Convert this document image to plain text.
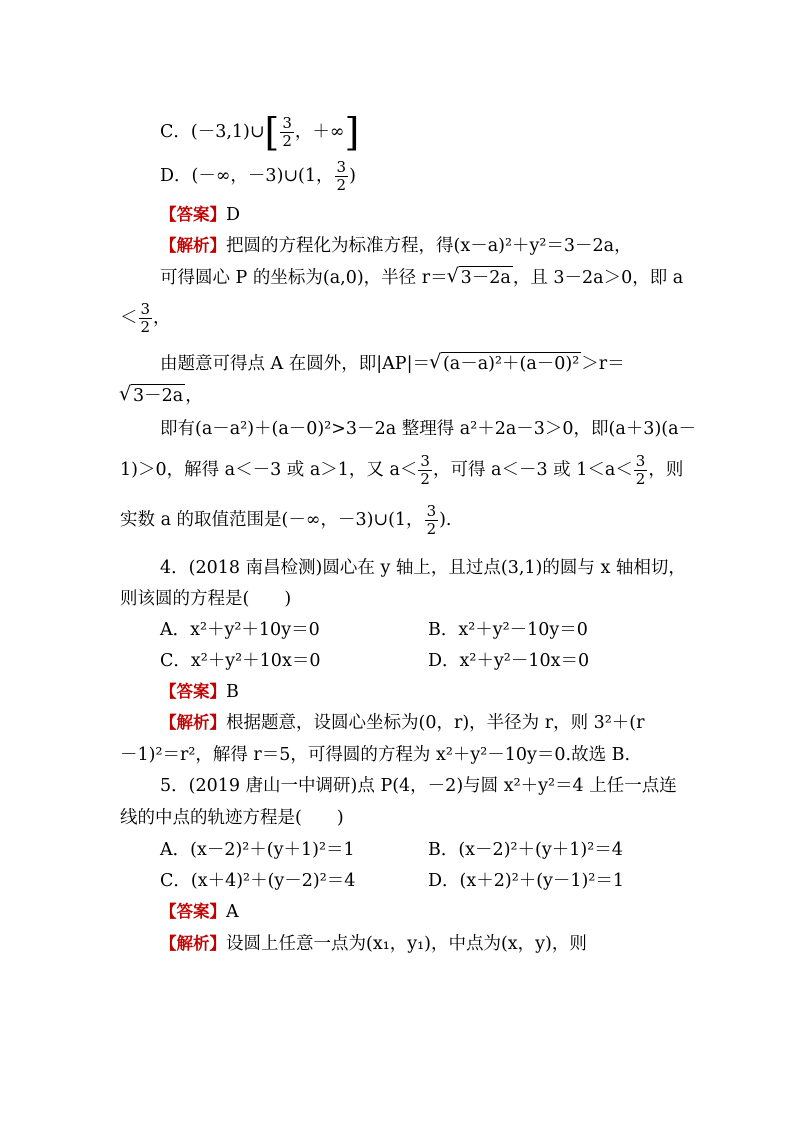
C．(－3,1)∪[ $\frac{3}{2}$ ，＋∞]
D．(－∞，－3)∪(1， $\frac{3}{2}$ )
【答案】D
【解析】把圆的方程化为标准方程，得(x－a)²＋y²＝3－2a，
可得圆心 P 的坐标为(a,0)，半径 r＝ √ 3－2a ，且 3－2a＞0，即 a
＜ $\frac{3}{2}$ ，
由题意可得点 A 在圆外，即|AP|＝ √ (a－a)²＋(a－0)² ＞r＝
√ 3－2a ，
即有(a－a²)＋(a－0)²>3－2a 整理得 a²＋2a－3＞0，即(a＋3)(a－
1)＞0，解得 a＜－3 或 a＞1，又 $a< \frac{3}{2}$ ，可得 a＜－3 或 $1<a< \frac{3}{2}$ ，则
实数 a 的取值范围是(－∞，－3)∪(1， $\frac{3}{2}$ ).
4．(2018 南昌检测)圆心在 y 轴上，且过点(3,1)的圆与 x 轴相切，
则该圆的方程是(　　)
A．x²＋y²＋10y＝0	B．x²＋y²－10y＝0
C．x²＋y²＋10x＝0	D．x²＋y²－10x＝0
【答案】B
【解析】根据题意，设圆心坐标为(0，r)，半径为 r，则 3²＋(r
－1)²＝r²，解得 r＝5，可得圆的方程为 x²＋y²－10y＝0.故选 B.
5．(2019 唐山一中调研)点 P(4，－2)与圆 x²＋y²＝4 上任一点连
线的中点的轨迹方程是(　　)
A．(x－2)²＋(y＋1)²＝1	B．(x－2)²＋(y＋1)²＝4
C．(x＋4)²＋(y－2)²＝4	D．(x＋2)²＋(y－1)²＝1
【答案】A
【解析】设圆上任意一点为(x₁，y₁)，中点为(x，y)，则
